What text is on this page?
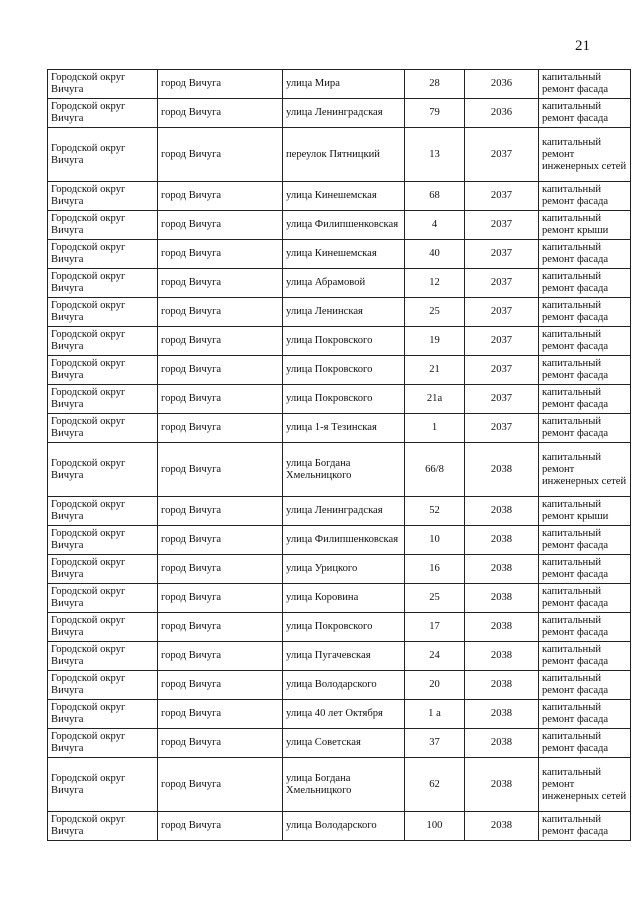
21
Городской округ Вичуга	город Вичуга	улица Мира	28	2036	капитальный ремонт фасада
Городской округ Вичуга	город Вичуга	улица Ленинградская	79	2036	капитальный ремонт фасада
Городской округ Вичуга	город Вичуга	переулок Пятницкий	13	2037	капитальный ремонт инженерных сетей
Городской округ Вичуга	город Вичуга	улица Кинешемская	68	2037	капитальный ремонт фасада
Городской округ Вичуга	город Вичуга	улица Филипшенковская	4	2037	капитальный ремонт крыши
Городской округ Вичуга	город Вичуга	улица Кинешемская	40	2037	капитальный ремонт фасада
Городской округ Вичуга	город Вичуга	улица Абрамовой	12	2037	капитальный ремонт фасада
Городской округ Вичуга	город Вичуга	улица Ленинская	25	2037	капитальный ремонт фасада
Городской округ Вичуга	город Вичуга	улица Покровского	19	2037	капитальный ремонт фасада
Городской округ Вичуга	город Вичуга	улица Покровского	21	2037	капитальный ремонт фасада
Городской округ Вичуга	город Вичуга	улица Покровского	21а	2037	капитальный ремонт фасада
Городской округ Вичуга	город Вичуга	улица 1-я Тезинская	1	2037	капитальный ремонт фасада
Городской округ Вичуга	город Вичуга	улица Богдана Хмельницкого	66/8	2038	капитальный ремонт инженерных сетей
Городской округ Вичуга	город Вичуга	улица Ленинградская	52	2038	капитальный ремонт крыши
Городской округ Вичуга	город Вичуга	улица Филипшенковская	10	2038	капитальный ремонт фасада
Городской округ Вичуга	город Вичуга	улица Урицкого	16	2038	капитальный ремонт фасада
Городской округ Вичуга	город Вичуга	улица Коровина	25	2038	капитальный ремонт фасада
Городской округ Вичуга	город Вичуга	улица Покровского	17	2038	капитальный ремонт фасада
Городской округ Вичуга	город Вичуга	улица Пугачевская	24	2038	капитальный ремонт фасада
Городской округ Вичуга	город Вичуга	улица Володарского	20	2038	капитальный ремонт фасада
Городской округ Вичуга	город Вичуга	улица 40 лет Октября	1 а	2038	капитальный ремонт фасада
Городской округ Вичуга	город Вичуга	улица Советская	37	2038	капитальный ремонт фасада
Городской округ Вичуга	город Вичуга	улица Богдана Хмельницкого	62	2038	капитальный ремонт инженерных сетей
Городской округ Вичуга	город Вичуга	улица Володарского	100	2038	капитальный ремонт фасада
